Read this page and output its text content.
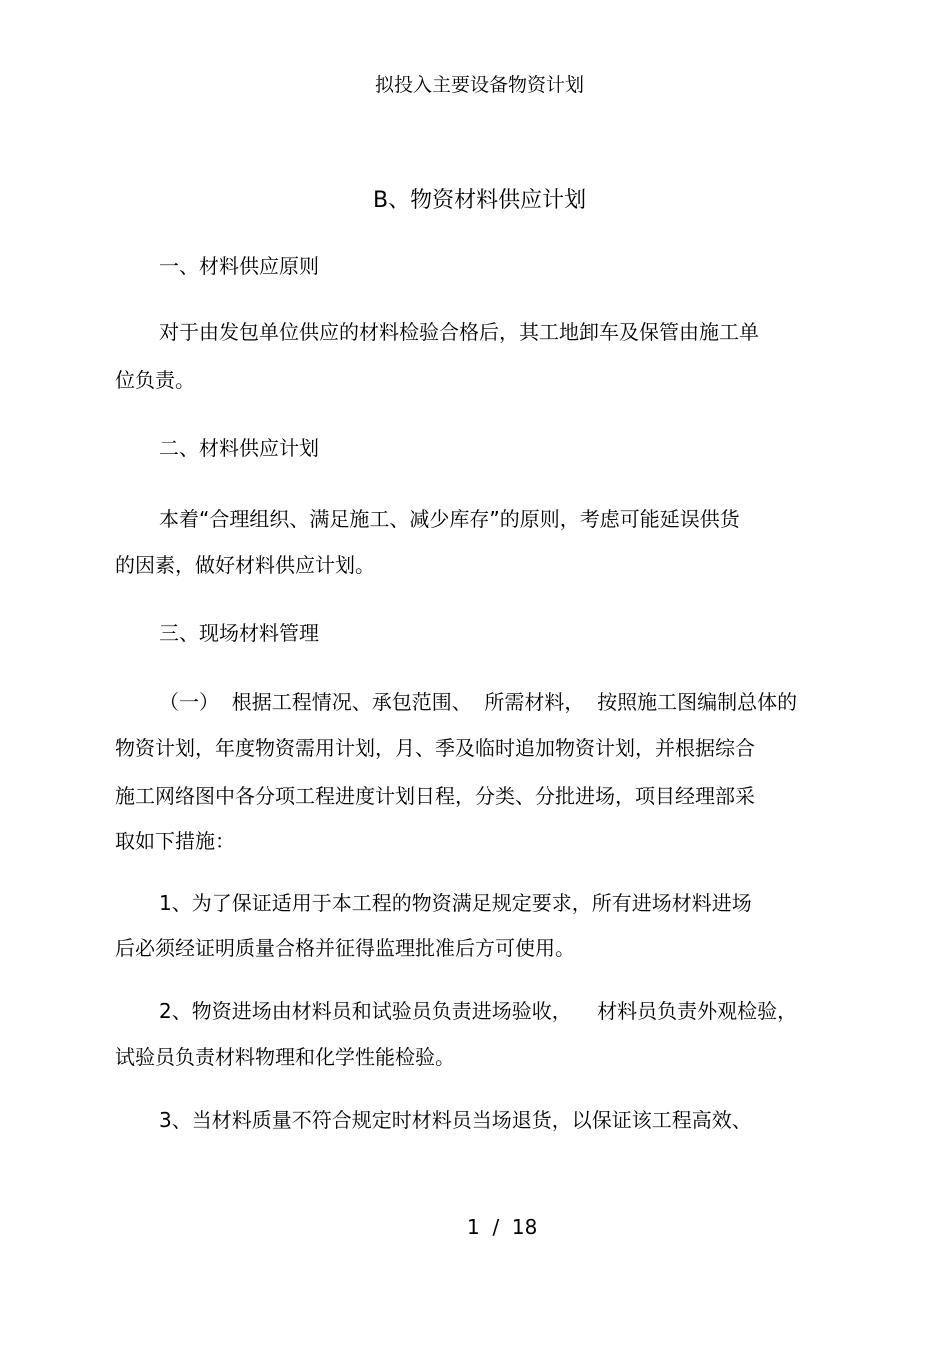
拟投入主要设备物资计划
B、物资材料供应计划
一、材料供应原则
对于由发包单位供应的材料检验合格后，其工地卸车及保管由施工单
位负责。
二、材料供应计划
本着“合理组织、满足施工、减少库存”的原则，考虑可能延误供货
的因素，做好材料供应计划。
三、现场材料管理
（一）  根据工程情况、承包范围、  所需材料，  按照施工图编制总体的
物资计划，年度物资需用计划，月、季及临时追加物资计划，并根据综合
施工网络图中各分项工程进度计划日程，分类、分批进场，项目经理部采
取如下措施：
1、为了保证适用于本工程的物资满足规定要求，所有进场材料进场
后必须经证明质量合格并征得监理批准后方可使用。
2、物资进场由材料员和试验员负责进场验收，    材料员负责外观检验，
试验员负责材料物理和化学性能检验。
3、当材料质量不符合规定时材料员当场退货，以保证该工程高效、
1  /  18
